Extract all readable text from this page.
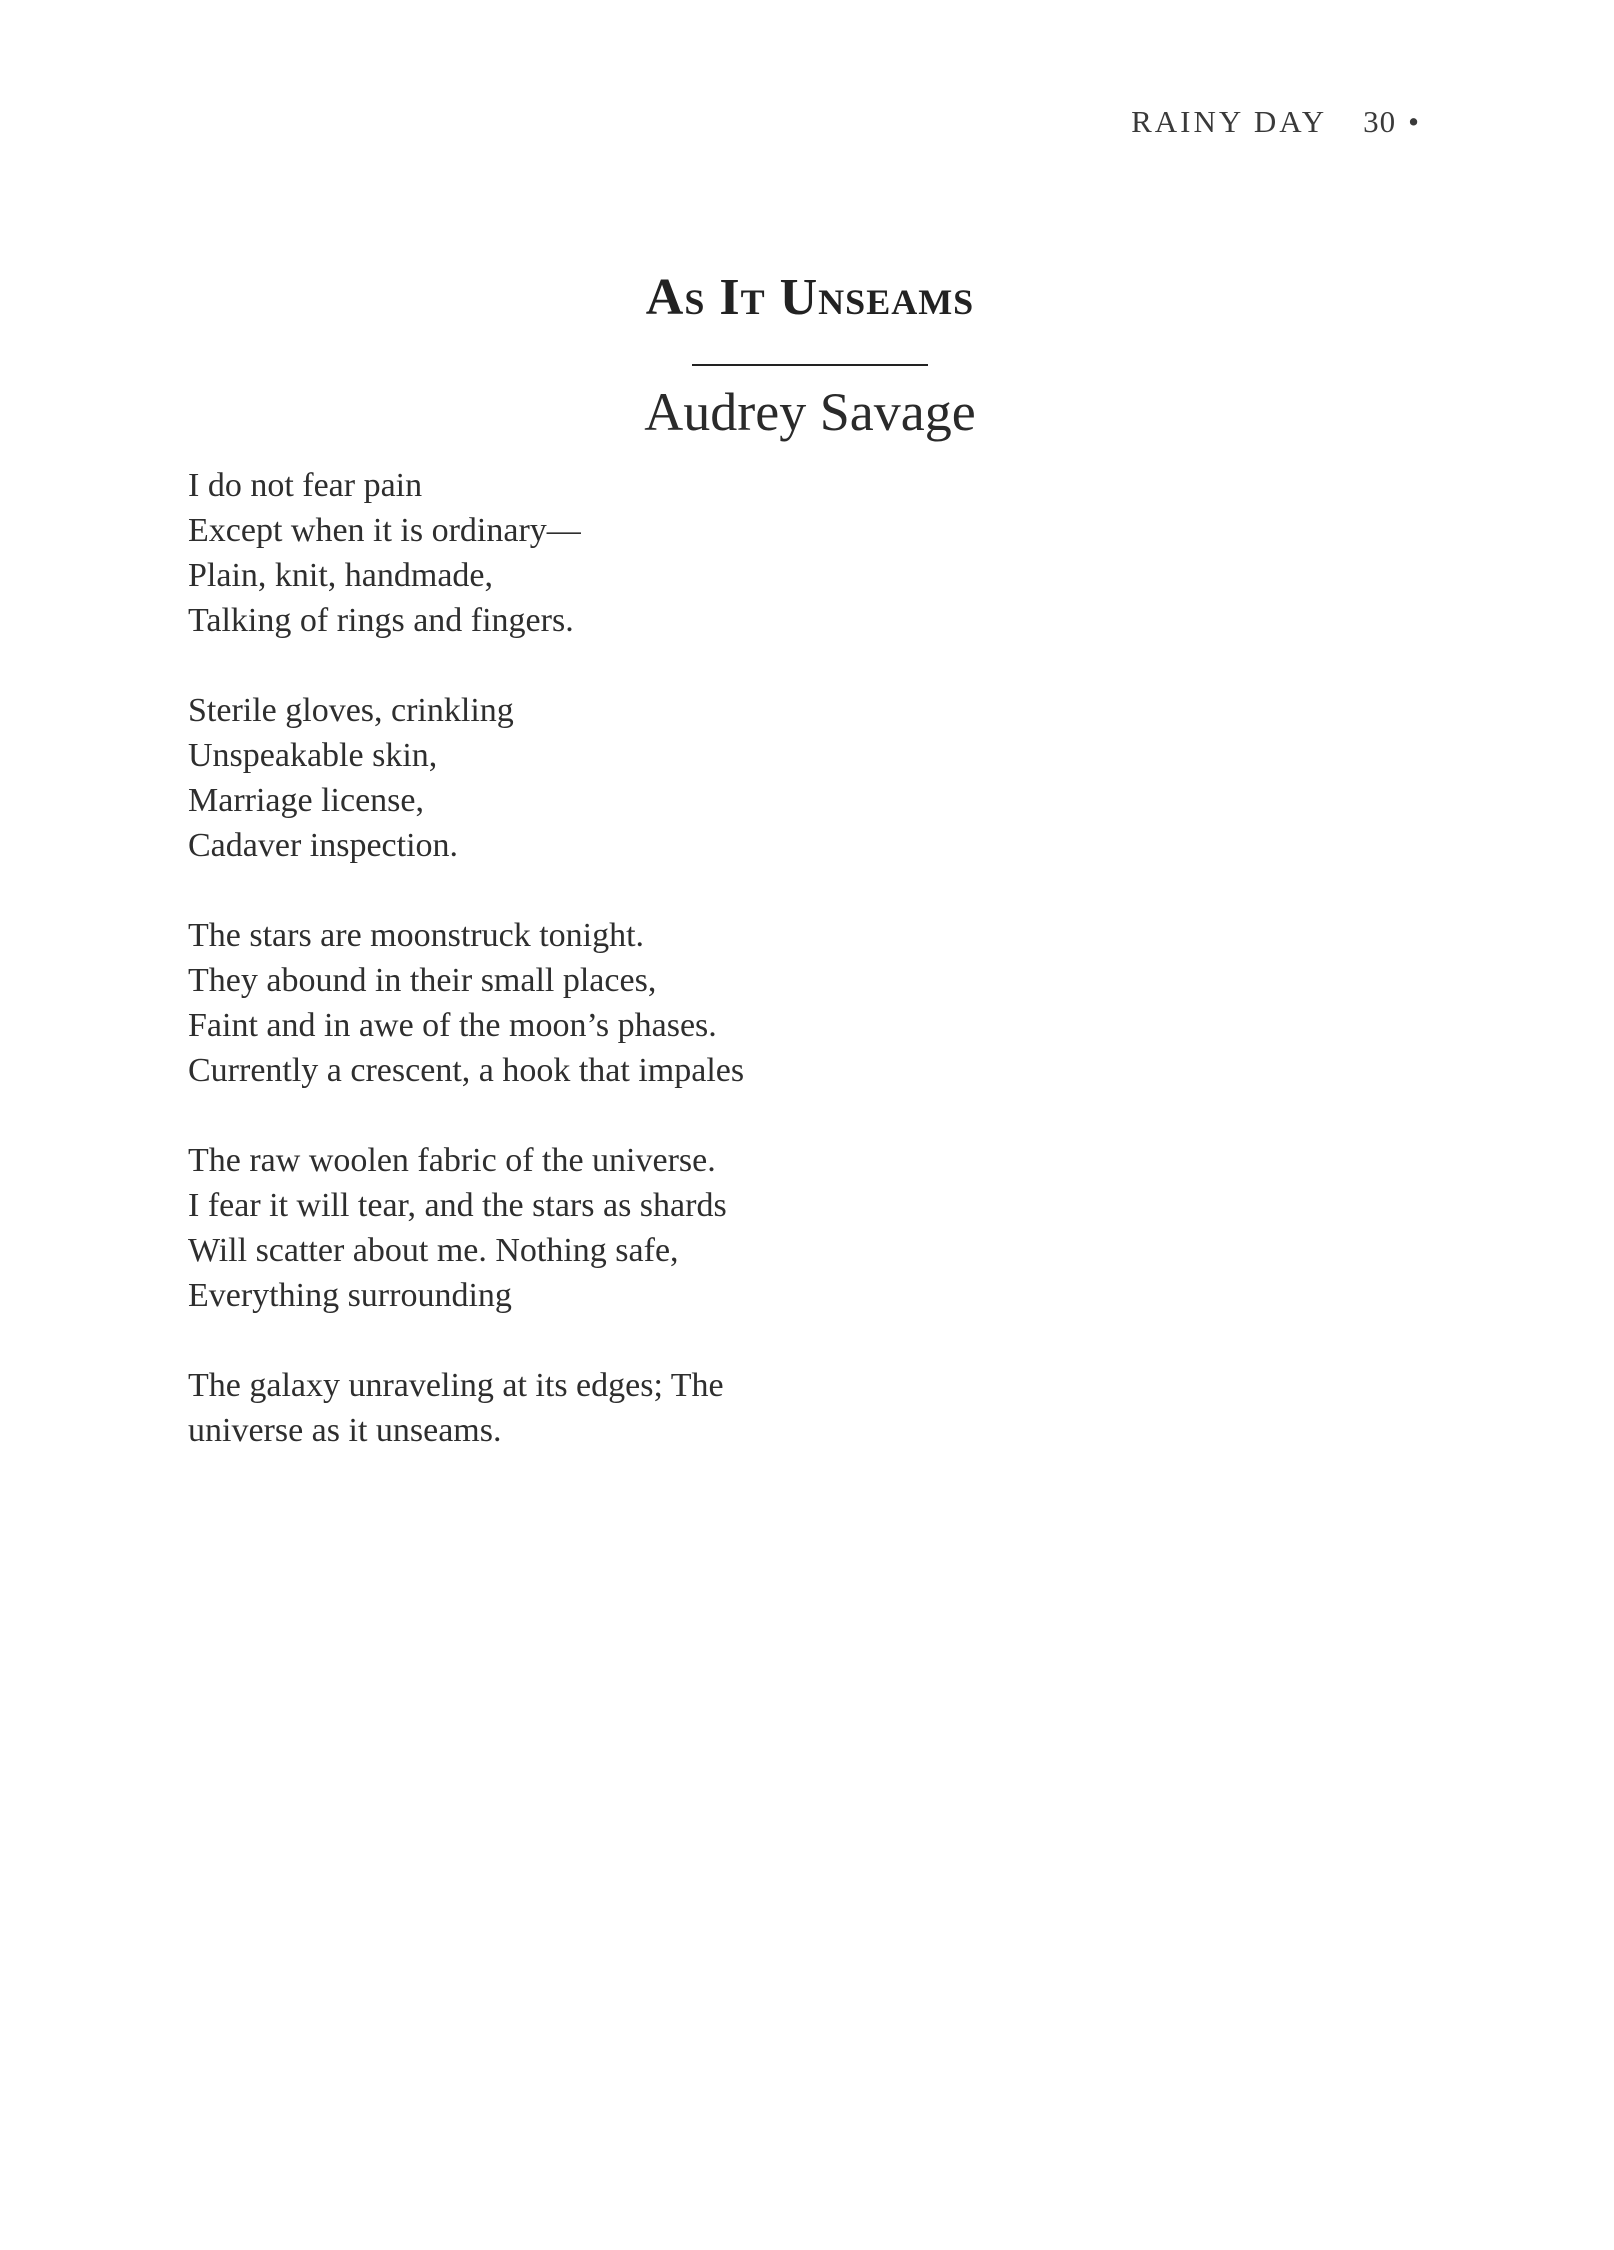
RAINY DAY 30 •
As It Unseams
Audrey Savage
I do not fear pain
Except when it is ordinary—
Plain, knit, handmade,
Talking of rings and fingers.
Sterile gloves, crinkling
Unspeakable skin,
Marriage license,
Cadaver inspection.
The stars are moonstruck tonight.
They abound in their small places,
Faint and in awe of the moon’s phases.
Currently a crescent, a hook that impales
The raw woolen fabric of the universe.
I fear it will tear, and the stars as shards
Will scatter about me. Nothing safe,
Everything surrounding
The galaxy unraveling at its edges; The
universe as it unseams.
